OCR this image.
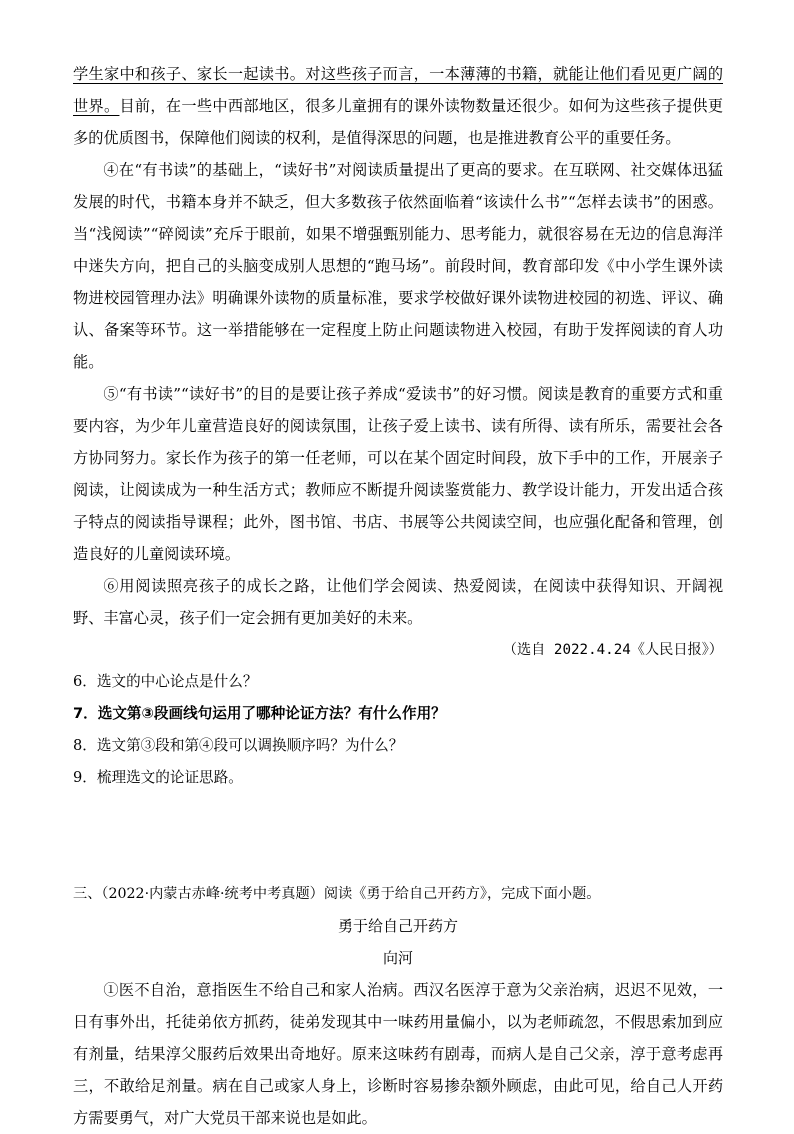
学生家中和孩子、家长一起读书。对这些孩子而言，一本薄薄的书籍，就能让他们看见更广阔的世界。目前，在一些中西部地区，很多儿童拥有的课外读物数量还很少。如何为这些孩子提供更多的优质图书，保障他们阅读的权利，是值得深思的问题，也是推进教育公平的重要任务。

④在“有书读”的基础上，“读好书”对阅读质量提出了更高的要求。在互联网、社交媒体迅猛发展的时代，书籍本身并不缺乏，但大多数孩子依然面临着“该读什么书”“怎样去读书”的困惑。当“浅阅读”“碎阅读”充斥于眼前，如果不增强甄别能力、思考能力，就很容易在无边的信息海洋中迷失方向，把自己的头脑变成别人思想的“跑马场”。前段时间，教育部印发《中小学生课外读物进校园管理办法》明确课外读物的质量标准，要求学校做好课外读物进校园的初选、评议、确认、备案等环节。这一举措能够在一定程度上防止问题读物进入校园，有助于发挥阅读的育人功能。

⑤“有书读”“读好书”的目的是要让孩子养成“爱读书”的好习惯。阅读是教育的重要方式和重要内容，为少年儿童营造良好的阅读氛围，让孩子爱上读书、读有所得、读有所乐，需要社会各方协同努力。家长作为孩子的第一任老师，可以在某个固定时间段，放下手中的工作，开展亲子阅读，让阅读成为一种生活方式；教师应不断提升阅读鉴赏能力、教学设计能力，开发出适合孩子特点的阅读指导课程；此外，图书馆、书店、书展等公共阅读空间，也应强化配备和管理，创造良好的儿童阅读环境。

⑥用阅读照亮孩子的成长之路，让他们学会阅读、热爱阅读，在阅读中获得知识、开阔视野、丰富心灵，孩子们一定会拥有更加美好的未来。

（选自 2022.4.24《人民日报》）

6．选文的中心论点是什么？

7．选文第③段画线句运用了哪种论证方法？有什么作用？

8．选文第③段和第④段可以调换顺序吗？为什么？

9．梳理选文的论证思路。

三、（2022·内蒙古赤峰·统考中考真题）阅读《勇于给自己开药方》，完成下面小题。

勇于给自己开药方

向河

①医不自治，意指医生不给自己和家人治病。西汉名医淳于意为父亲治病，迟迟不见效，一日有事外出，托徒弟依方抓药，徒弟发现其中一味药用量偏小，以为老师疏忽，不假思索加到应有剂量，结果淳父服药后效果出奇地好。原来这味药有剧毒，而病人是自己父亲，淳于意考虑再三，不敢给足剂量。病在自己或家人身上，诊断时容易掺杂额外顾虑，由此可见，给自己人开药方需要勇气，对广大党员干部来说也是如此。
